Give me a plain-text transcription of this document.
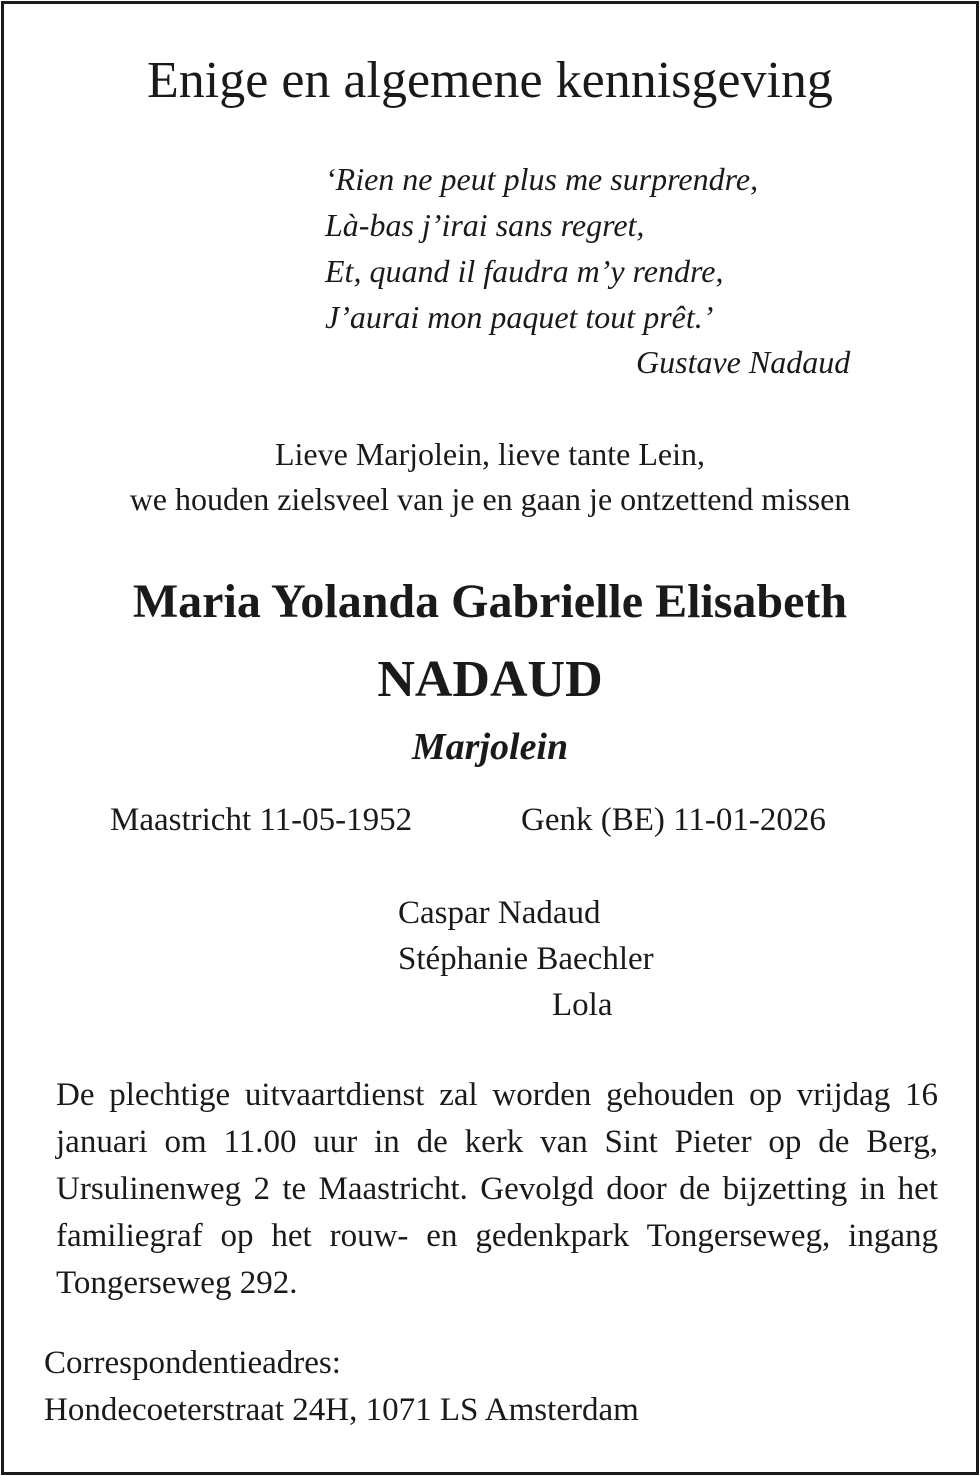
Enige en algemene kennisgeving
‘Rien ne peut plus me surprendre,
Là-bas j’irai sans regret,
Et, quand il faudra m’y rendre,
J’aurai mon paquet tout prêt.’
Gustave Nadaud
Lieve Marjolein, lieve tante Lein,
we houden zielsveel van je en gaan je ontzettend missen
Maria Yolanda Gabrielle Elisabeth
NADAUD
Marjolein
Maastricht 11-05-1952	Genk (BE) 11-01-2026
Caspar Nadaud
Stéphanie Baechler
Lola
De plechtige uitvaartdienst zal worden gehouden op vrijdag 16 januari om 11.00 uur in de kerk van Sint Pieter op de Berg, Ursulinenweg 2 te Maastricht. Gevolgd door de bijzetting in het familiegraf op het rouw- en gedenkpark Tongerseweg, ingang Tongerseweg 292.
Correspondentieadres:
Hondecoeterstraat 24H, 1071 LS Amsterdam
